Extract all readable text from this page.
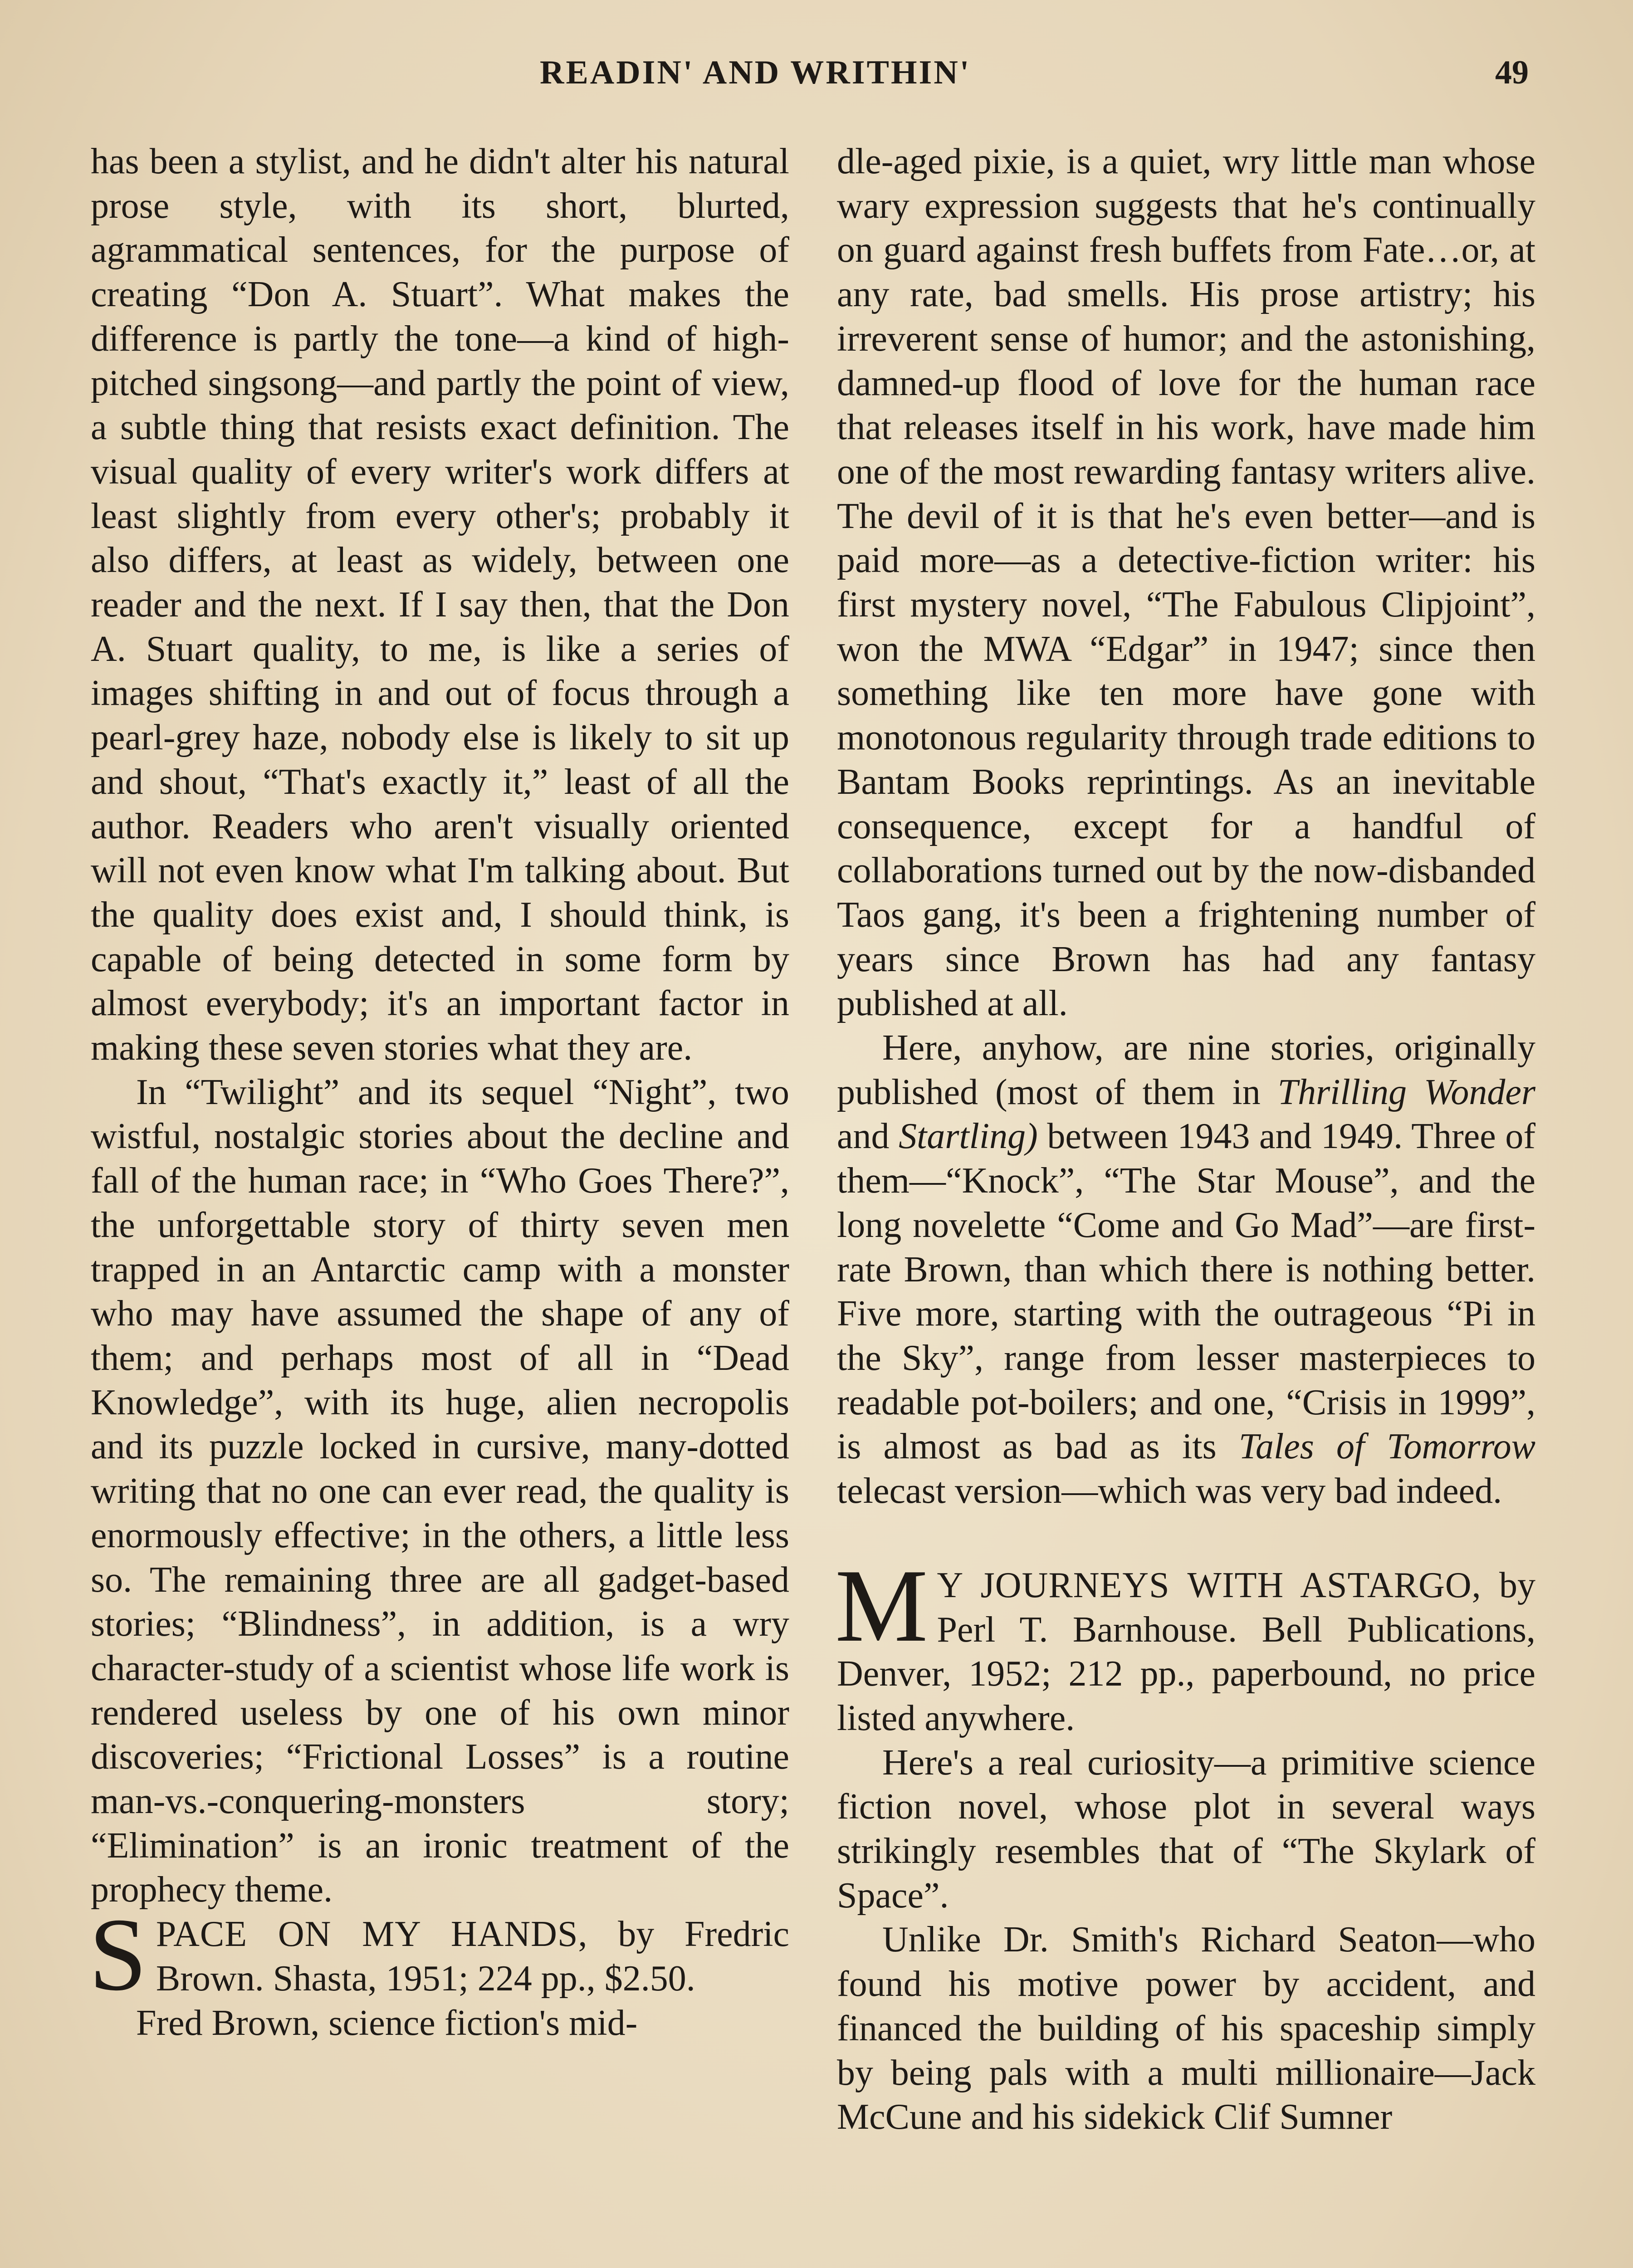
READIN' AND WRITHIN'	49

has been a stylist, and he didn't alter his natural prose style, with its short, blurted, agrammatical sentences, for the purpose of creating “Don A. Stuart”. What makes the difference is partly the tone—a kind of high-pitched singsong—and partly the point of view, a subtle thing that resists exact definition. The visual quality of every writer's work differs at least slightly from every other's; probably it also differs, at least as widely, between one reader and the next. If I say then, that the Don A. Stuart quality, to me, is like a series of images shifting in and out of focus through a pearl-grey haze, nobody else is likely to sit up and shout, “That's exactly it,” least of all the author. Readers who aren't visually oriented will not even know what I'm talking about. But the quality does exist and, I should think, is capable of being detected in some form by almost everybody; it's an important factor in making these seven stories what they are.

In “Twilight” and its sequel “Night”, two wistful, nostalgic stories about the decline and fall of the human race; in “Who Goes There?”, the unforgettable story of thirty seven men trapped in an Antarctic camp with a monster who may have assumed the shape of any of them; and perhaps most of all in “Dead Knowledge”, with its huge, alien necropolis and its puzzle locked in cursive, many-dotted writing that no one can ever read, the quality is enormously effective; in the others, a little less so. The remaining three are all gadget-based stories; “Blindness”, in addition, is a wry character-study of a scientist whose life work is rendered useless by one of his own minor discoveries; “Frictional Losses” is a routine man-vs.-conquering-monsters story; “Elimination” is an ironic treatment of the prophecy theme.

SPACE ON MY HANDS, by Fredric Brown. Shasta, 1951; 224 pp., $2.50.

Fred Brown, science fiction's mid-

dle-aged pixie, is a quiet, wry little man whose wary expression suggests that he's continually on guard against fresh buffets from Fate…or, at any rate, bad smells. His prose artistry; his irreverent sense of humor; and the astonishing, damned-up flood of love for the human race that releases itself in his work, have made him one of the most rewarding fantasy writers alive. The devil of it is that he's even better—and is paid more—as a detective-fiction writer: his first mystery novel, “The Fabulous Clipjoint”, won the MWA “Edgar” in 1947; since then something like ten more have gone with monotonous regularity through trade editions to Bantam Books reprintings. As an inevitable consequence, except for a handful of collaborations turned out by the now-disbanded Taos gang, it's been a frightening number of years since Brown has had any fantasy published at all.

Here, anyhow, are nine stories, originally published (most of them in Thrilling Wonder and Startling) between 1943 and 1949. Three of them—“Knock”, “The Star Mouse”, and the long novelette “Come and Go Mad”—are first-rate Brown, than which there is nothing better. Five more, starting with the outrageous “Pi in the Sky”, range from lesser masterpieces to readable pot-boilers; and one, “Crisis in 1999”, is almost as bad as its Tales of Tomorrow telecast version—which was very bad indeed.

M Y JOURNEYS WITH ASTARGO, by Perl T. Barnhouse. Bell Publications, Denver, 1952; 212 pp., paperbound, no price listed anywhere.

Here's a real curiosity—a primitive science fiction novel, whose plot in several ways strikingly resembles that of “The Skylark of Space”.

Unlike Dr. Smith's Richard Seaton—who found his motive power by accident, and financed the building of his spaceship simply by being pals with a multi millionaire—Jack McCune and his sidekick Clif Sumner
